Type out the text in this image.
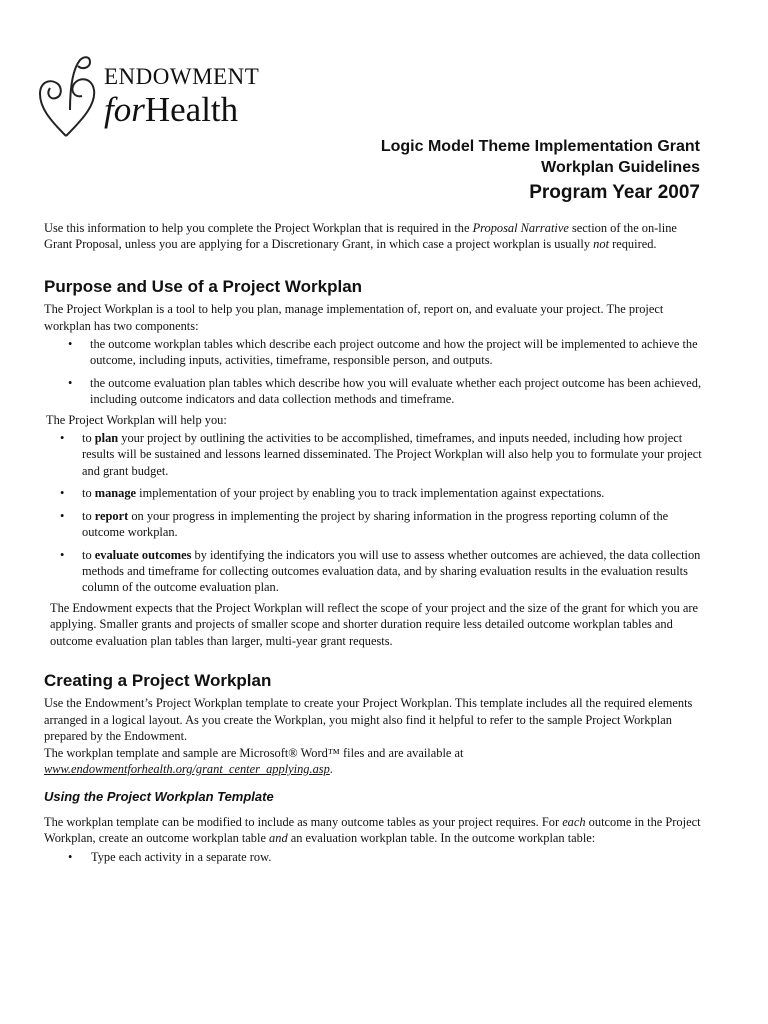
ENDOWMENT
forHealth
Logic Model Theme Implementation Grant
Workplan Guidelines
Program Year 2007

Use this information to help you complete the Project Workplan that is required in the Proposal Narrative section of the on-line Grant Proposal, unless you are applying for a Discretionary Grant, in which case a project workplan is usually not required.

Purpose and Use of a Project Workplan

The Project Workplan is a tool to help you plan, manage implementation of, report on, and evaluate your project. The project workplan has two components:

• the outcome workplan tables which describe each project outcome and how the project will be implemented to achieve the outcome, including inputs, activities, timeframe, responsible person, and outputs.
• the outcome evaluation plan tables which describe how you will evaluate whether each project outcome has been achieved, including outcome indicators and data collection methods and timeframe.

The Project Workplan will help you:

• to plan your project by outlining the activities to be accomplished, timeframes, and inputs needed, including how project results will be sustained and lessons learned disseminated. The Project Workplan will also help you to formulate your project and grant budget.
• to manage implementation of your project by enabling you to track implementation against expectations.
• to report on your progress in implementing the project by sharing information in the progress reporting column of the outcome workplan.
• to evaluate outcomes by identifying the indicators you will use to assess whether outcomes are achieved, the data collection methods and timeframe for collecting outcomes evaluation data, and by sharing evaluation results in the evaluation results column of the outcome evaluation plan.

The Endowment expects that the Project Workplan will reflect the scope of your project and the size of the grant for which you are applying. Smaller grants and projects of smaller scope and shorter duration require less detailed outcome workplan tables and outcome evaluation plan tables than larger, multi-year grant requests.

Creating a Project Workplan

Use the Endowment’s Project Workplan template to create your Project Workplan. This template includes all the required elements arranged in a logical layout. As you create the Workplan, you might also find it helpful to refer to the sample Project Workplan prepared by the Endowment.

The workplan template and sample are Microsoft® Word™ files and are available at
www.endowmentforhealth.org/grant_center_applying.asp.

Using the Project Workplan Template

The workplan template can be modified to include as many outcome tables as your project requires. For each outcome in the Project Workplan, create an outcome workplan table and an evaluation workplan table. In the outcome workplan table:

• Type each activity in a separate row.
